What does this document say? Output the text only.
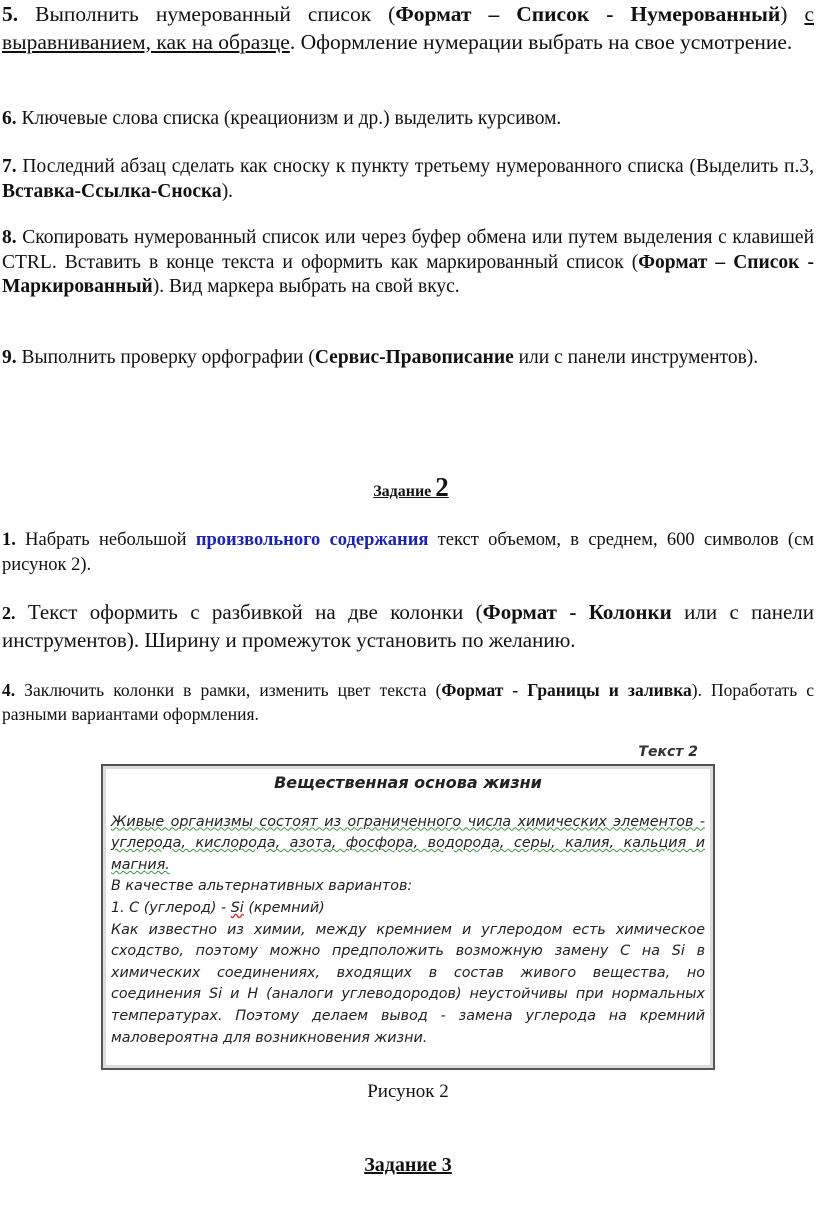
5. Выполнить нумерованный список (Формат – Список - Нумерованный) с выравниванием, как на образце. Оформление нумерации выбрать на свое усмотрение.
6. Ключевые слова списка (креационизм и др.) выделить курсивом.
7. Последний абзац сделать как сноску к пункту третьему нумерованного списка (Выделить п.3, Вставка-Ссылка-Сноска).
8. Скопировать нумерованный список или через буфер обмена или путем выделения с клавишей CTRL. Вставить в конце текста и оформить как маркированный список (Формат – Список - Маркированный). Вид маркера выбрать на свой вкус.
9. Выполнить проверку орфографии (Сервис-Правописание или с панели инструментов).
Задание 2
1. Набрать небольшой произвольного содержания текст объемом, в среднем, 600 символов (см рисунок 2).
2. Текст оформить с разбивкой на две колонки (Формат - Колонки или с панели инструментов). Ширину и промежуток установить по желанию.
4. Заключить колонки в рамки, изменить цвет текста (Формат - Границы и заливка). Поработать с разными вариантами оформления.
Текст 2
Вещественная основа жизни
Живые организмы состоят из ограниченного числа химических элементов - углерода, кислорода, азота, фосфора, водорода, серы, калия, кальция и магния.
В качестве альтернативных вариантов:
1. С (углерод) - Si (кремний)
Как известно из химии, между кремнием и углеродом есть химическое сходство, поэтому можно предположить возможную замену С на Si в химических соединениях, входящих в состав живого вещества, но соединения Si и Н (аналоги углеводородов) неустойчивы при нормальных температурах. Поэтому делаем вывод - замена углерода на кремний маловероятна для возникновения жизни.
Рисунок 2
Задание 3
